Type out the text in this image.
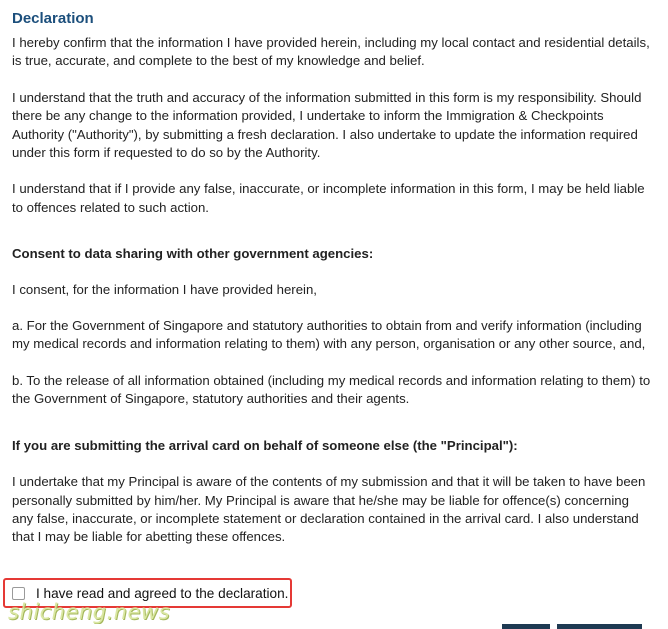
Declaration

I hereby confirm that the information I have provided herein, including my local contact and residential details, is true, accurate, and complete to the best of my knowledge and belief.

I understand that the truth and accuracy of the information submitted in this form is my responsibility. Should there be any change to the information provided, I undertake to inform the Immigration & Checkpoints Authority ("Authority"), by submitting a fresh declaration. I also undertake to update the information required under this form if requested to do so by the Authority.

I understand that if I provide any false, inaccurate, or incomplete information in this form, I may be held liable to offences related to such action.

Consent to data sharing with other government agencies:

I consent, for the information I have provided herein,

a. For the Government of Singapore and statutory authorities to obtain from and verify information (including my medical records and information relating to them) with any person, organisation or any other source, and,

b. To the release of all information obtained (including my medical records and information relating to them) to the Government of Singapore, statutory authorities and their agents.

If you are submitting the arrival card on behalf of someone else (the "Principal"):

I undertake that my Principal is aware of the contents of my submission and that it will be taken to have been personally submitted by him/her. My Principal is aware that he/she may be liable for offence(s) concerning any false, inaccurate, or incomplete statement or declaration contained in the arrival card. I also understand that I may be liable for abetting these offences.

I have read and agreed to the declaration.
shicheng.news
